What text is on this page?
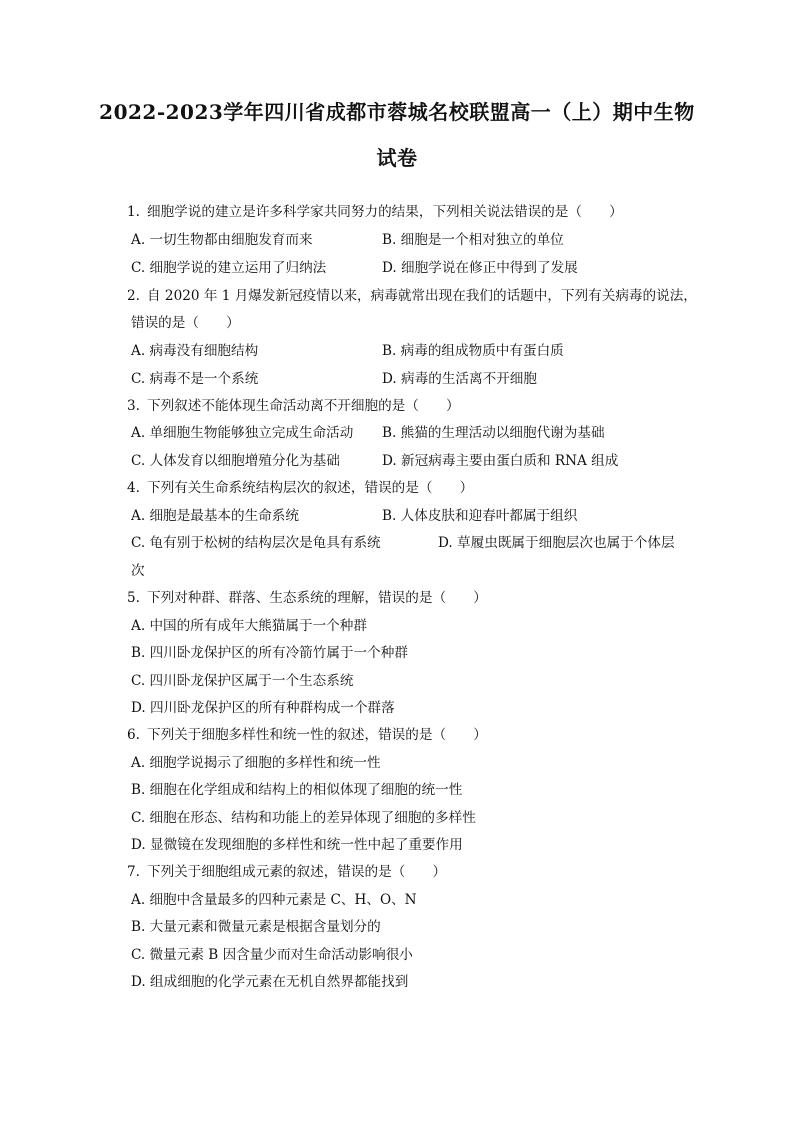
2022-2023学年四川省成都市蓉城名校联盟高一（上）期中生物
试卷
1. 细胞学说的建立是许多科学家共同努力的结果，下列相关说法错误的是（　　）
A. 一切生物都由细胞发育而来	B. 细胞是一个相对独立的单位
C. 细胞学说的建立运用了归纳法	D. 细胞学说在修正中得到了发展
2. 自 2020 年 1 月爆发新冠疫情以来，病毒就常出现在我们的话题中，下列有关病毒的说法，
错误的是（　　）
A. 病毒没有细胞结构	B. 病毒的组成物质中有蛋白质
C. 病毒不是一个系统	D. 病毒的生活离不开细胞
3. 下列叙述不能体现生命活动离不开细胞的是（　　）
A. 单细胞生物能够独立完成生命活动 B. 熊猫的生理活动以细胞代谢为基础
C. 人体发育以细胞增殖分化为基础	D. 新冠病毒主要由蛋白质和 RNA 组成
4. 下列有关生命系统结构层次的叙述，错误的是（　　）
A. 细胞是最基本的生命系统	B. 人体皮肤和迎春叶都属于组织
C. 龟有别于松树的结构层次是龟具有系统	D. 草履虫既属于细胞层次也属于个体层
次
5. 下列对种群、群落、生态系统的理解，错误的是（　　）
A. 中国的所有成年大熊猫属于一个种群
B. 四川卧龙保护区的所有冷箭竹属于一个种群
C. 四川卧龙保护区属于一个生态系统
D. 四川卧龙保护区的所有种群构成一个群落
6. 下列关于细胞多样性和统一性的叙述，错误的是（　　）
A. 细胞学说揭示了细胞的多样性和统一性
B. 细胞在化学组成和结构上的相似体现了细胞的统一性
C. 细胞在形态、结构和功能上的差异体现了细胞的多样性
D. 显微镜在发现细胞的多样性和统一性中起了重要作用
7. 下列关于细胞组成元素的叙述，错误的是（　　）
A. 细胞中含量最多的四种元素是 C、H、O、N
B. 大量元素和微量元素是根据含量划分的
C. 微量元素 B 因含量少而对生命活动影响很小
D. 组成细胞的化学元素在无机自然界都能找到
